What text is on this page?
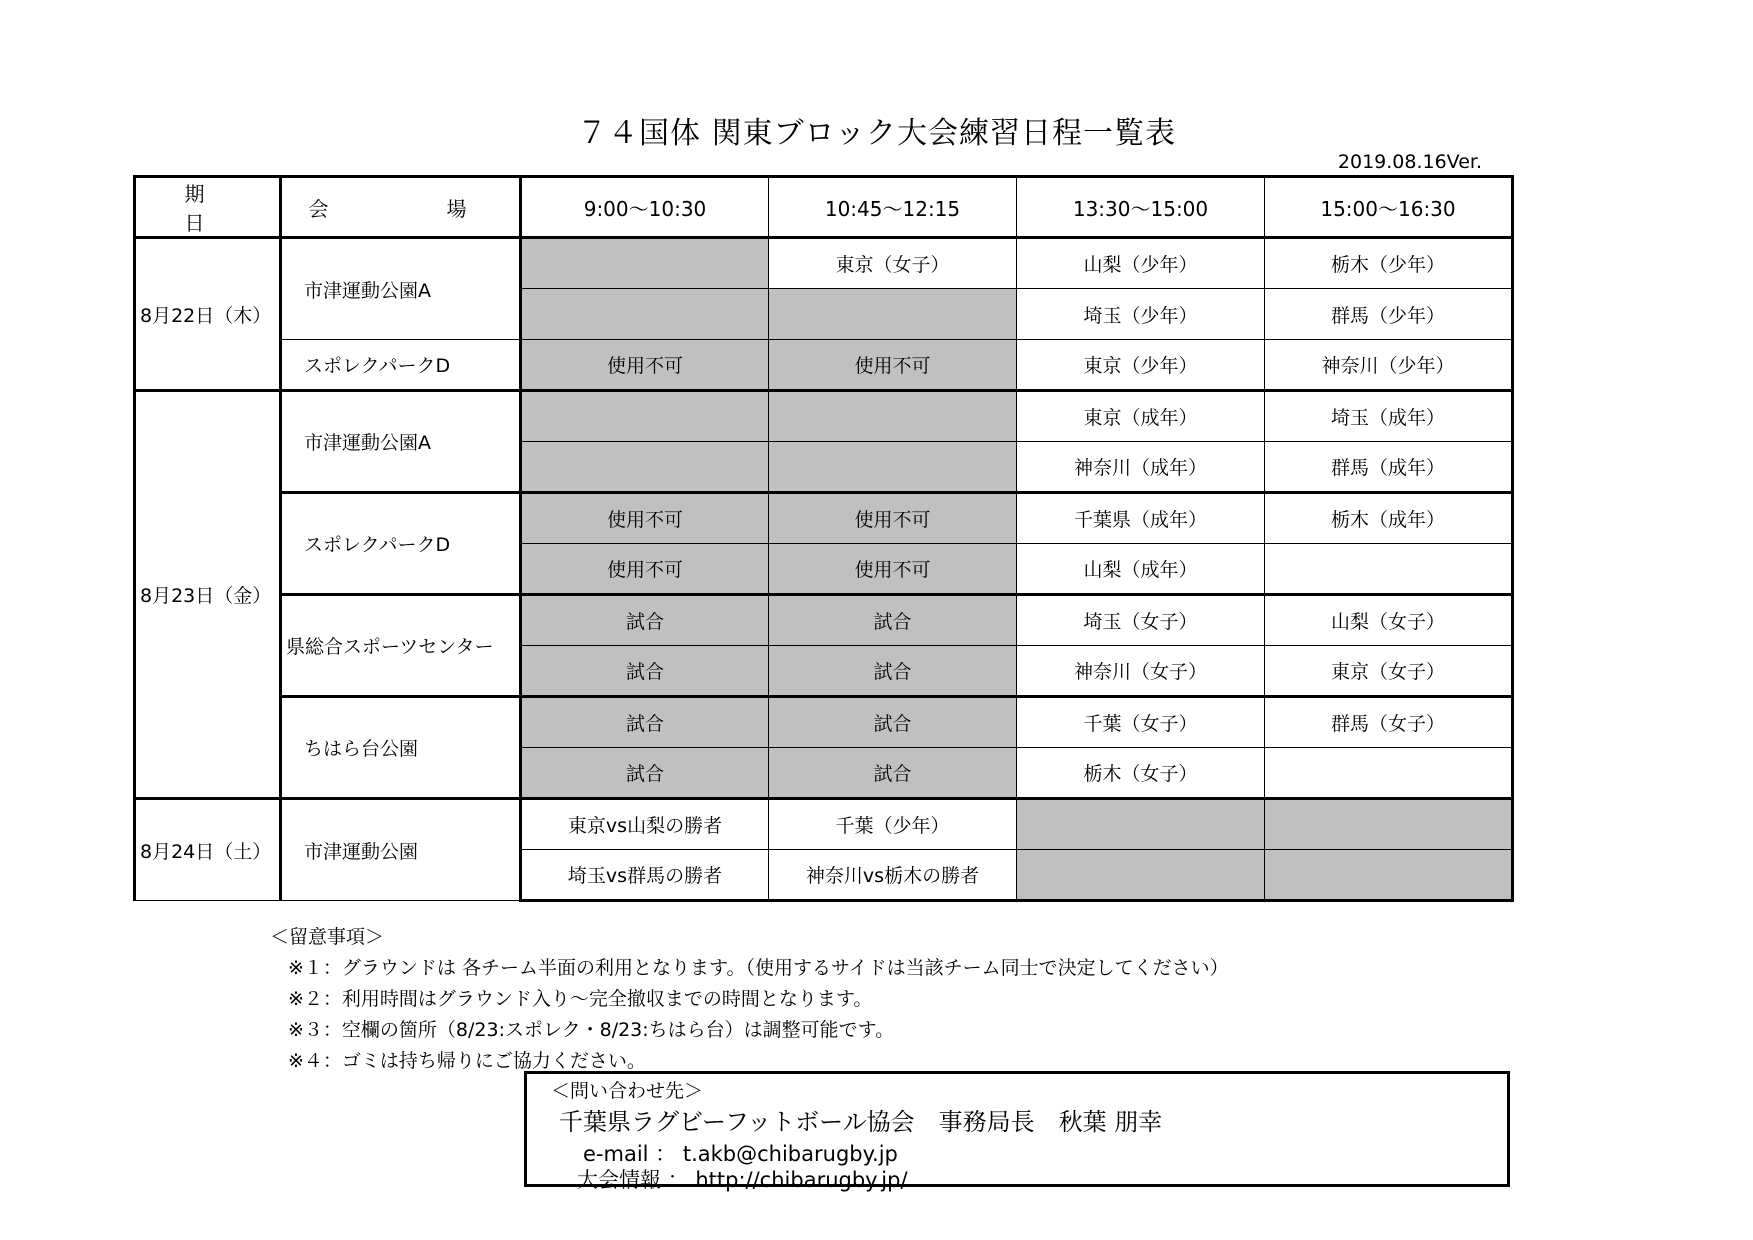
７４国体 関東ブロック大会練習日程一覧表
2019.08.16Ver.
期　　日	会　　場	9:00～10:30	10:45～12:15	13:30～15:00	15:00～16:30
8月22日（木）	市津運動公園A		東京（女子）	山梨（少年）	栃木（少年）
				埼玉（少年）	群馬（少年）
	スポレクパークD	使用不可	使用不可	東京（少年）	神奈川（少年）
8月23日（金）	市津運動公園A			東京（成年）	埼玉（成年）
				神奈川（成年）	群馬（成年）
	スポレクパークD	使用不可	使用不可	千葉県（成年）	栃木（成年）
		使用不可	使用不可	山梨（成年）	
	県総合スポーツセンター	試合	試合	埼玉（女子）	山梨（女子）
		試合	試合	神奈川（女子）	東京（女子）
	ちはら台公園	試合	試合	千葉（女子）	群馬（女子）
		試合	試合	栃木（女子）	
8月24日（土）	市津運動公園	東京vs山梨の勝者	千葉（少年）		
		埼玉vs群馬の勝者	神奈川vs栃木の勝者		
＜留意事項＞
※１：グラウンドは 各チーム半面の利用となります。（使用するサイドは当該チーム同士で決定してください）
※２：利用時間はグラウンド入り～完全撤収までの時間となります。
※３：空欄の箇所（8/23:スポレク・8/23:ちはら台）は調整可能です。
※４：ゴミは持ち帰りにご協力ください。
＜問い合わせ先＞
千葉県ラグビーフットボール協会　事務局長　秋葉 朋幸
e-mail ： t.akb@chibarugby.jp
大会情報 ： http://chibarugby.jp/
